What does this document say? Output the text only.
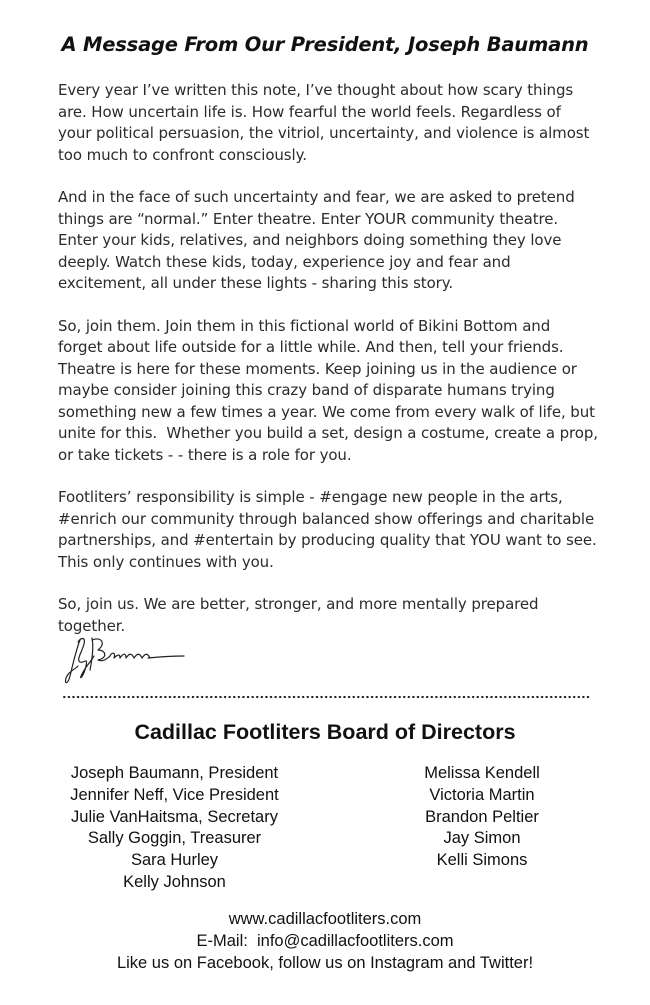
A Message From Our President, Joseph Baumann

Every year I’ve written this note, I’ve thought about how scary things are. How uncertain life is. How fearful the world feels. Regardless of your political persuasion, the vitriol, uncertainty, and violence is almost too much to confront consciously.

And in the face of such uncertainty and fear, we are asked to pretend things are “normal.” Enter theatre. Enter YOUR community theatre. Enter your kids, relatives, and neighbors doing something they love deeply. Watch these kids, today, experience joy and fear and excitement, all under these lights - sharing this story.

So, join them. Join them in this fictional world of Bikini Bottom and forget about life outside for a little while. And then, tell your friends. Theatre is here for these moments. Keep joining us in the audience or maybe consider joining this crazy band of disparate humans trying something new a few times a year. We come from every walk of life, but unite for this.  Whether you build a set, design a costume, create a prop, or take tickets - - there is a role for you.

Footliters’ responsibility is simple - #engage new people in the arts, #enrich our community through balanced show offerings and charitable partnerships, and #entertain by producing quality that YOU want to see.  This only continues with you.

So, join us. We are better, stronger, and more mentally prepared together.

Cadillac Footliters Board of Directors
Joseph Baumann, President
Jennifer Neff, Vice President
Julie VanHaitsma, Secretary
Sally Goggin, Treasurer
Sara Hurley
Kelly Johnson
Melissa Kendell
Victoria Martin
Brandon Peltier
Jay Simon
Kelli Simons
www.cadillacfootliters.com
E-Mail:  info@cadillacfootliters.com
Like us on Facebook, follow us on Instagram and Twitter!
